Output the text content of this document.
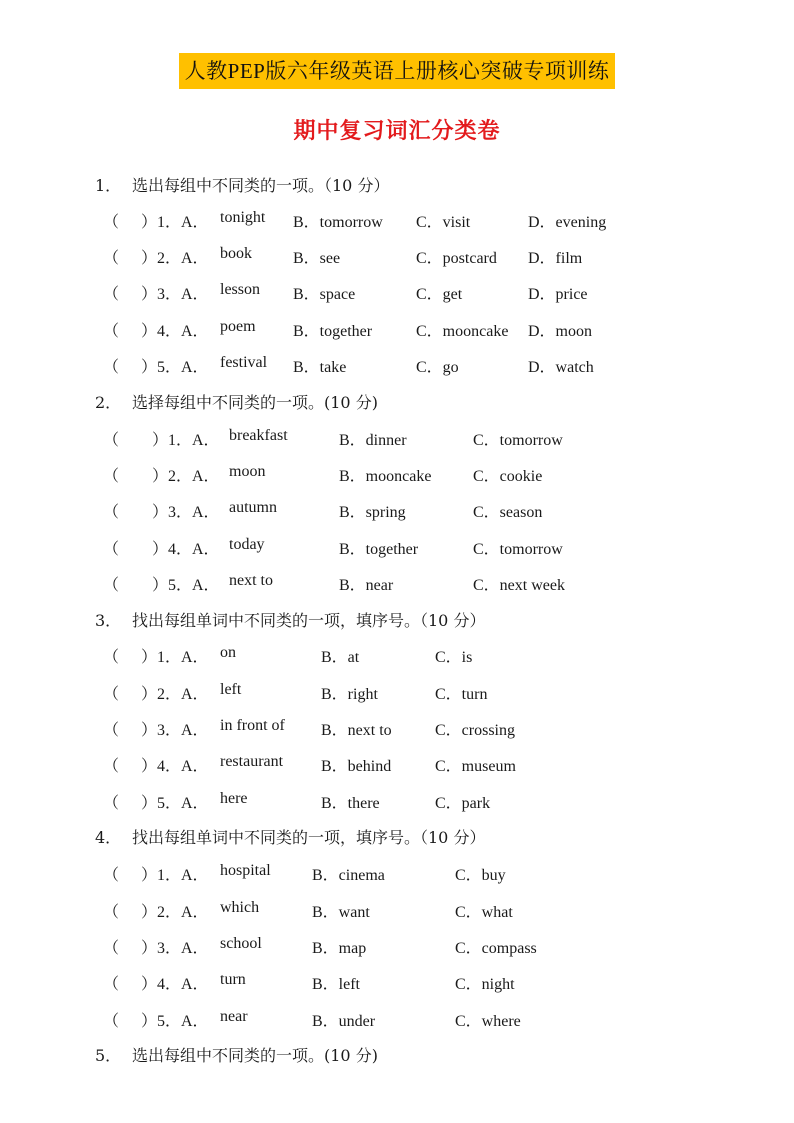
人教PEP版六年级英语上册核心突破专项训练
期中复习词汇分类卷
1． 选出每组中不同类的一项。（10 分）
（ ）1．A． tonight B．tomorrow C．visit	D．evening
（ ）2．A． book	B．see	C．postcard D．film
（ ）3．A． lesson B．space	C．get	D．price
（ ）4．A． poem B．together	C．mooncake D．moon
（ ）5．A． festival B．take	C．go	D．watch
2． 选择每组中不同类的一项。(10 分)
（ ）1．A． breakfast	B．dinner	C．tomorrow
（ ）2．A． moon	B．mooncake	C．cookie
（ ）3．A． autumn	B．spring	C．season
（ ）4．A． today	B．together	C．tomorrow
（ ）5．A． next to	B．near	C．next week
3． 找出每组单词中不同类的一项，填序号。（10 分）
（ ）1．A． on	B．at	C．is
（ ）2．A． left	B．right	C．turn
（ ）3．A． in front of B．next to	C．crossing
（ ）4．A． restaurant B．behind	C．museum
（ ）5．A． here	B．there	C．park
4． 找出每组单词中不同类的一项，填序号。（10 分）
（ ）1．A． hospital	B．cinema	C．buy
（ ）2．A． which	B．want	C．what
（ ）3．A． school	B．map	C．compass
（ ）4．A． turn	B．left	C．night
（ ）5．A． near	B．under	C．where
5． 选出每组中不同类的一项。(10 分)
